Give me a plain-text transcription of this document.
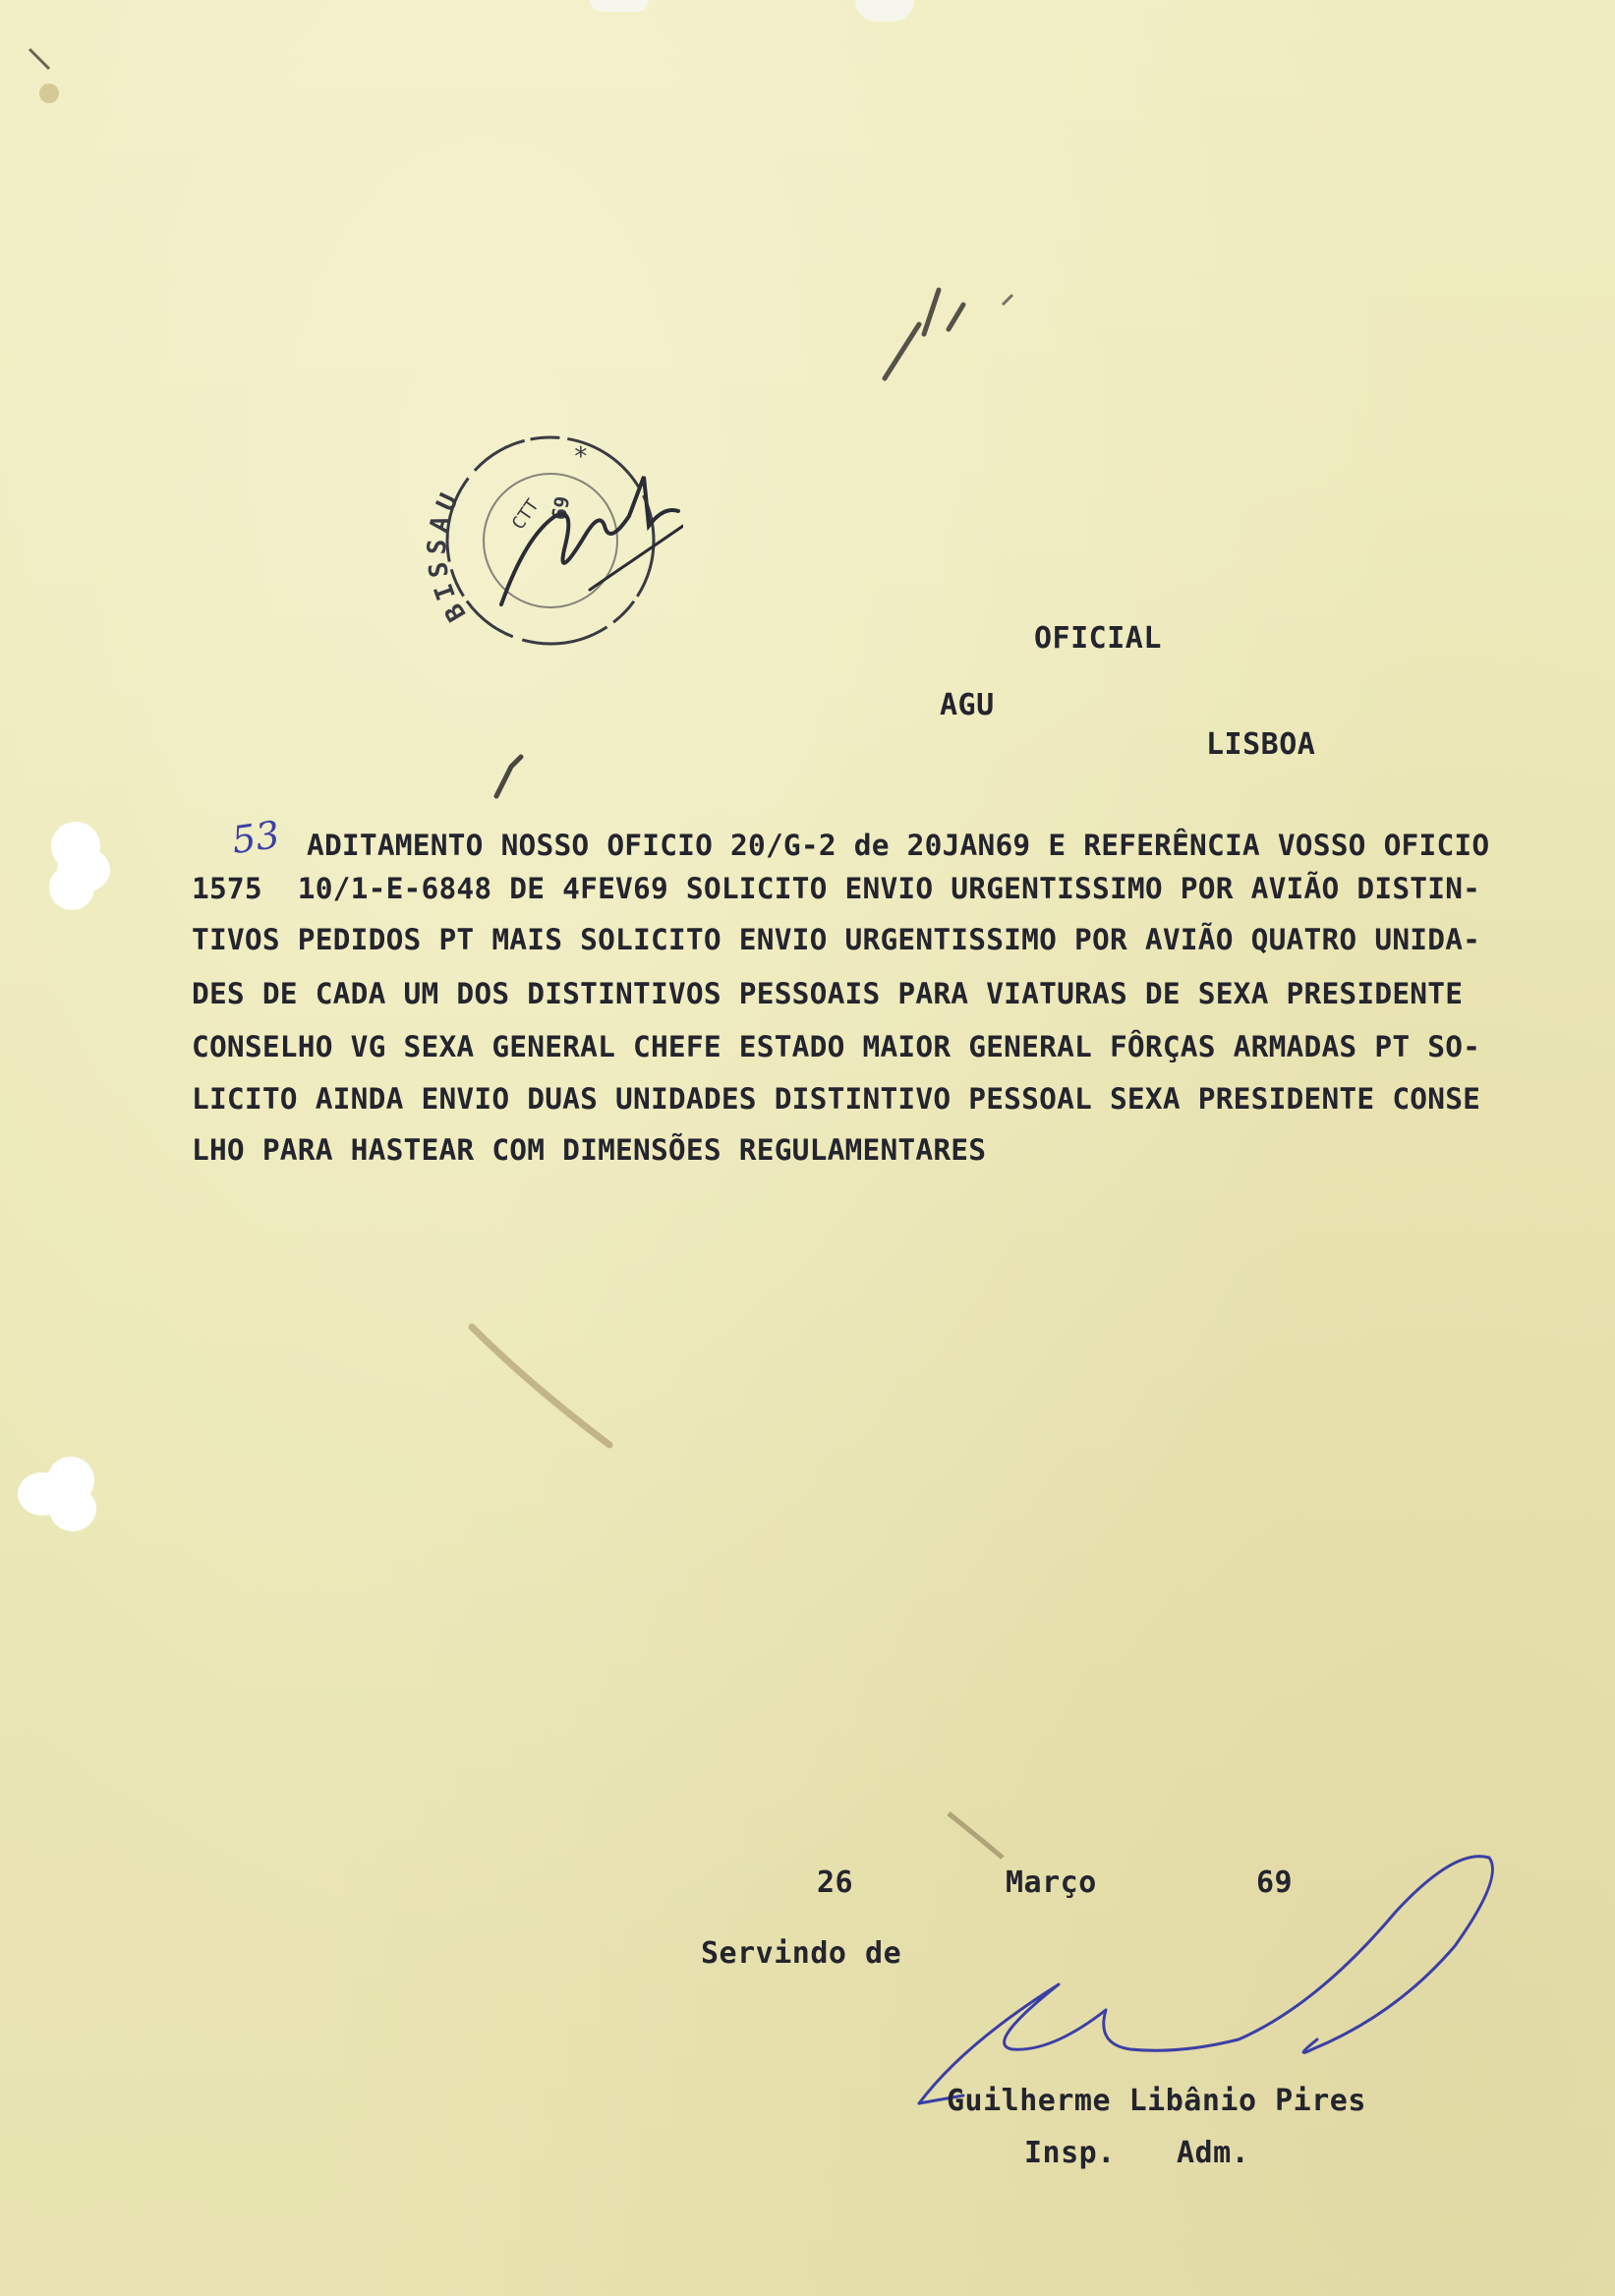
BISSAU	CTT 69
*
OFICIAL
AGU
LISBOA
53 ADITAMENTO NOSSO OFICIO 20/G-2 de 20JAN69 E REFERÊNCIA VOSSO OFICIO
1575  10/1-E-6848 DE 4FEV69 SOLICITO ENVIO URGENTISSIMO POR AVIÃO DISTIN-
TIVOS PEDIDOS PT MAIS SOLICITO ENVIO URGENTISSIMO POR AVIÃO QUATRO UNIDA-
DES DE CADA UM DOS DISTINTIVOS PESSOAIS PARA VIATURAS DE SEXA PRESIDENTE
CONSELHO VG SEXA GENERAL CHEFE ESTADO MAIOR GENERAL FÔRÇAS ARMADAS PT SO-
LICITO AINDA ENVIO DUAS UNIDADES DISTINTIVO PESSOAL SEXA PRESIDENTE CONSE
LHO PARA HASTEAR COM DIMENSÕES REGULAMENTARES
26	Março	69
Servindo de
Guilherme Libânio Pires
Insp. Adm.
